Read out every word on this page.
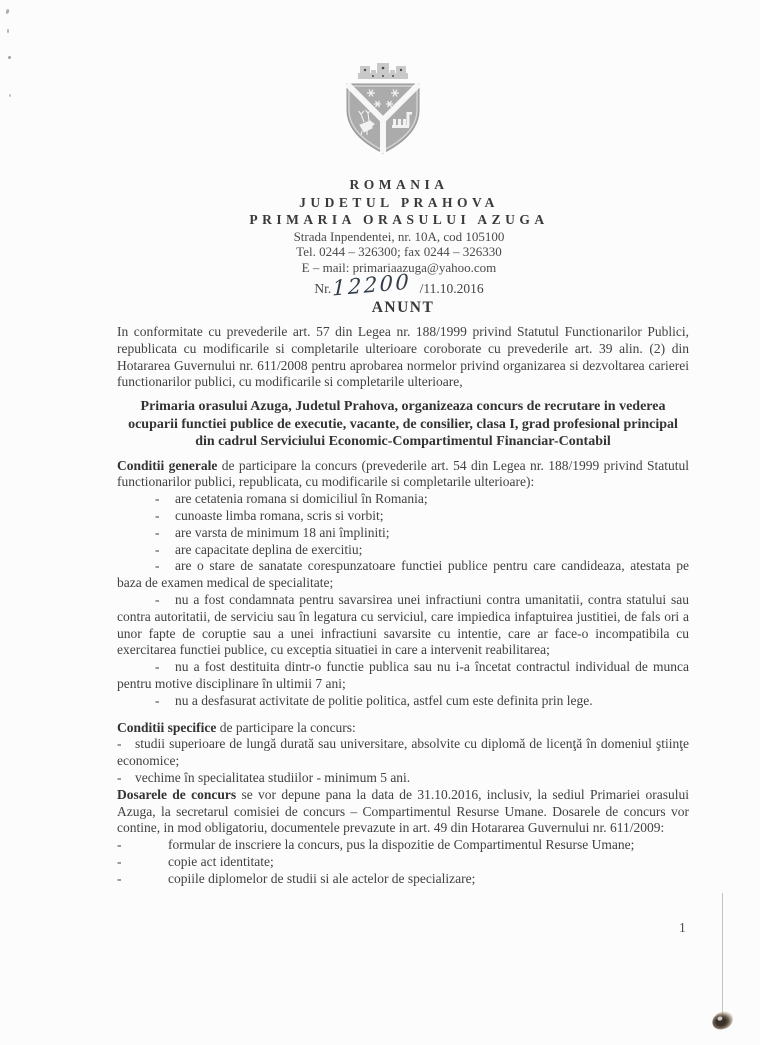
ROMANIA
JUDETUL PRAHOVA
PRIMARIA ORASULUI AZUGA
Strada Inpendentei, nr. 10A, cod 105100
Tel. 0244 – 326300; fax 0244 – 326330
E – mail: primariaazuga@yahoo.com
Nr. 12200 /11.10.2016
ANUNT
In conformitate cu prevederile art. 57 din Legea nr. 188/1999 privind Statutul Functionarilor Publici, republicata cu modificarile si completarile ulterioare coroborate cu prevederile art. 39 alin. (2) din Hotararea Guvernului nr. 611/2008 pentru aprobarea normelor privind organizarea si dezvoltarea carierei functionarilor publici, cu modificarile si completarile ulterioare,
Primaria orasului Azuga, Judetul Prahova, organizeaza concurs de recrutare in vederea ocuparii functiei publice de executie, vacante, de consilier, clasa I, grad profesional principal din cadrul Serviciului Economic-Compartimentul Financiar-Contabil
Conditii generale de participare la concurs (prevederile art. 54 din Legea nr. 188/1999 privind Statutul functionarilor publici, republicata, cu modificarile si completarile ulterioare):
- are cetatenia romana si domiciliul în Romania;
- cunoaste limba romana, scris si vorbit;
- are varsta de minimum 18 ani împliniti;
- are capacitate deplina de exercitiu;
- are o stare de sanatate corespunzatoare functiei publice pentru care candideaza, atestata pe baza de examen medical de specialitate;
- nu a fost condamnata pentru savarsirea unei infractiuni contra umanitatii, contra statului sau contra autoritatii, de serviciu sau în legatura cu serviciul, care impiedica infaptuirea justitiei, de fals ori a unor fapte de coruptie sau a unei infractiuni savarsite cu intentie, care ar face-o incompatibila cu exercitarea functiei publice, cu exceptia situatiei in care a intervenit reabilitarea;
- nu a fost destituita dintr-o functie publica sau nu i-a încetat contractul individual de munca pentru motive disciplinare în ultimii 7 ani;
- nu a desfasurat activitate de politie politica, astfel cum este definita prin lege.
Conditii specifice de participare la concurs:
- studii superioare de lungă durată sau universitare, absolvite cu diplomă de licenţă în domeniul ştiinţe economice;
- vechime în specialitatea studiilor - minimum 5 ani.
Dosarele de concurs se vor depune pana la data de 31.10.2016, inclusiv, la sediul Primariei orasului Azuga, la secretarul comisiei de concurs – Compartimentul Resurse Umane. Dosarele de concurs vor contine, in mod obligatoriu, documentele prevazute in art. 49 din Hotararea Guvernului nr. 611/2009:
-	formular de inscriere la concurs, pus la dispozitie de Compartimentul Resurse Umane;
-	copie act identitate;
-	copiile diplomelor de studii si ale actelor de specializare;
1
